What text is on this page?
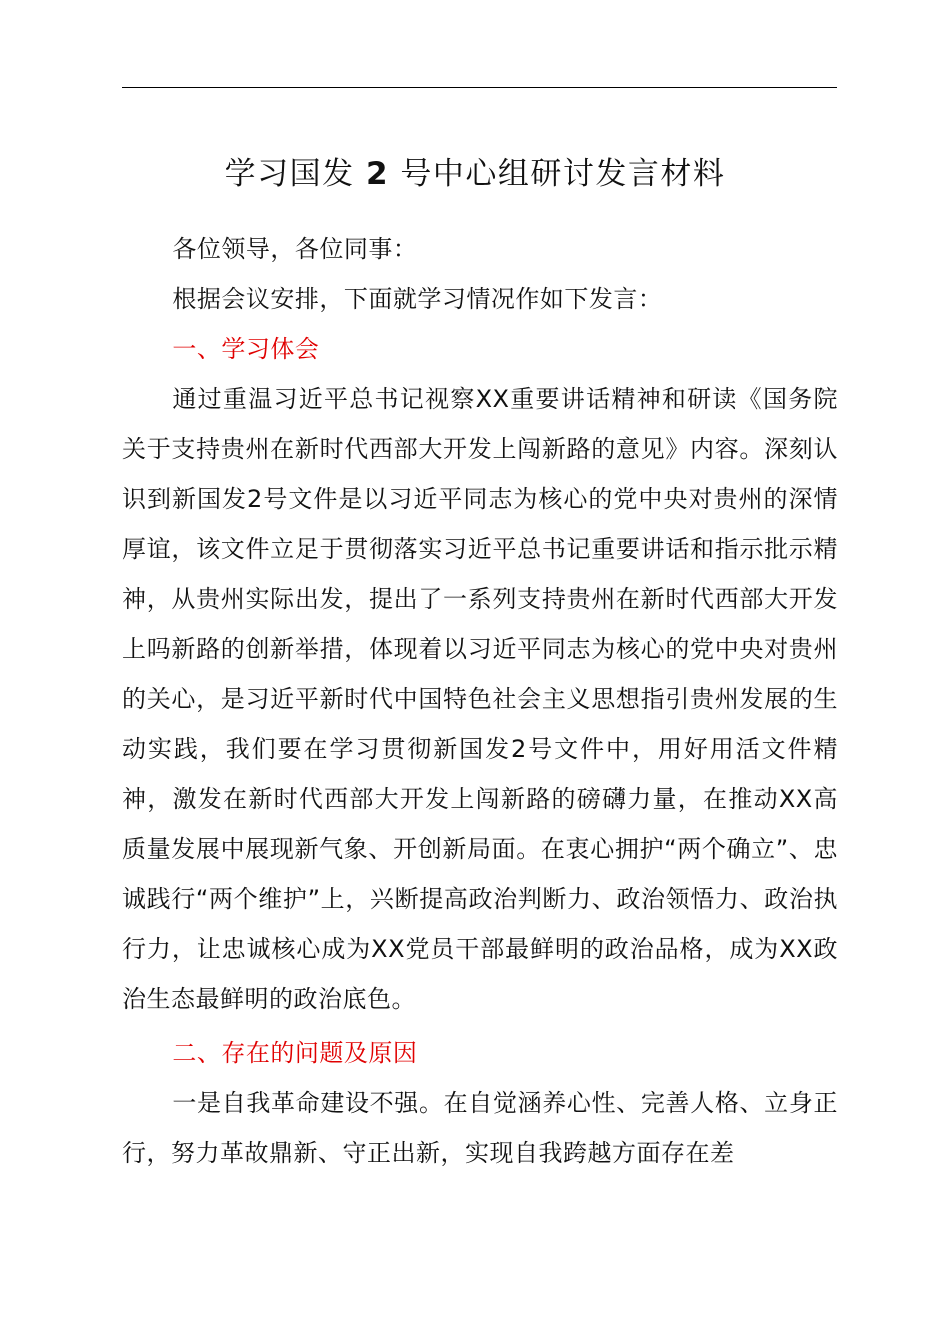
学习国发 2 号中心组研讨发言材料

各位领导，各位同事：

根据会议安排，下面就学习情况作如下发言：

一、学习体会

通过重温习近平总书记视察XX重要讲话精神和研读《国务院关于支持贵州在新时代西部大开发上闯新路的意见》内容。深刻认识到新国发2号文件是以习近平同志为核心的党中央对贵州的深情厚谊，该文件立足于贯彻落实习近平总书记重要讲话和指示批示精神，从贵州实际出发，提出了一系列支持贵州在新时代西部大开发上吗新路的创新举措，体现着以习近平同志为核心的党中央对贵州的关心，是习近平新时代中国特色社会主义思想指引贵州发展的生动实践，我们要在学习贯彻新国发2号文件中，用好用活文件精神，激发在新时代西部大开发上闯新路的磅礴力量，在推动XX高质量发展中展现新气象、开创新局面。在衷心拥护“两个确立”、忠诚践行“两个维护”上，兴断提高政治判断力、政治领悟力、政治执行力，让忠诚核心成为XX党员干部最鲜明的政治品格，成为XX政治生态最鲜明的政治底色。

二、存在的问题及原因

一是自我革命建设不强。在自觉涵养心性、完善人格、立身正行，努力革故鼎新、守正出新，实现自我跨越方面存在差
